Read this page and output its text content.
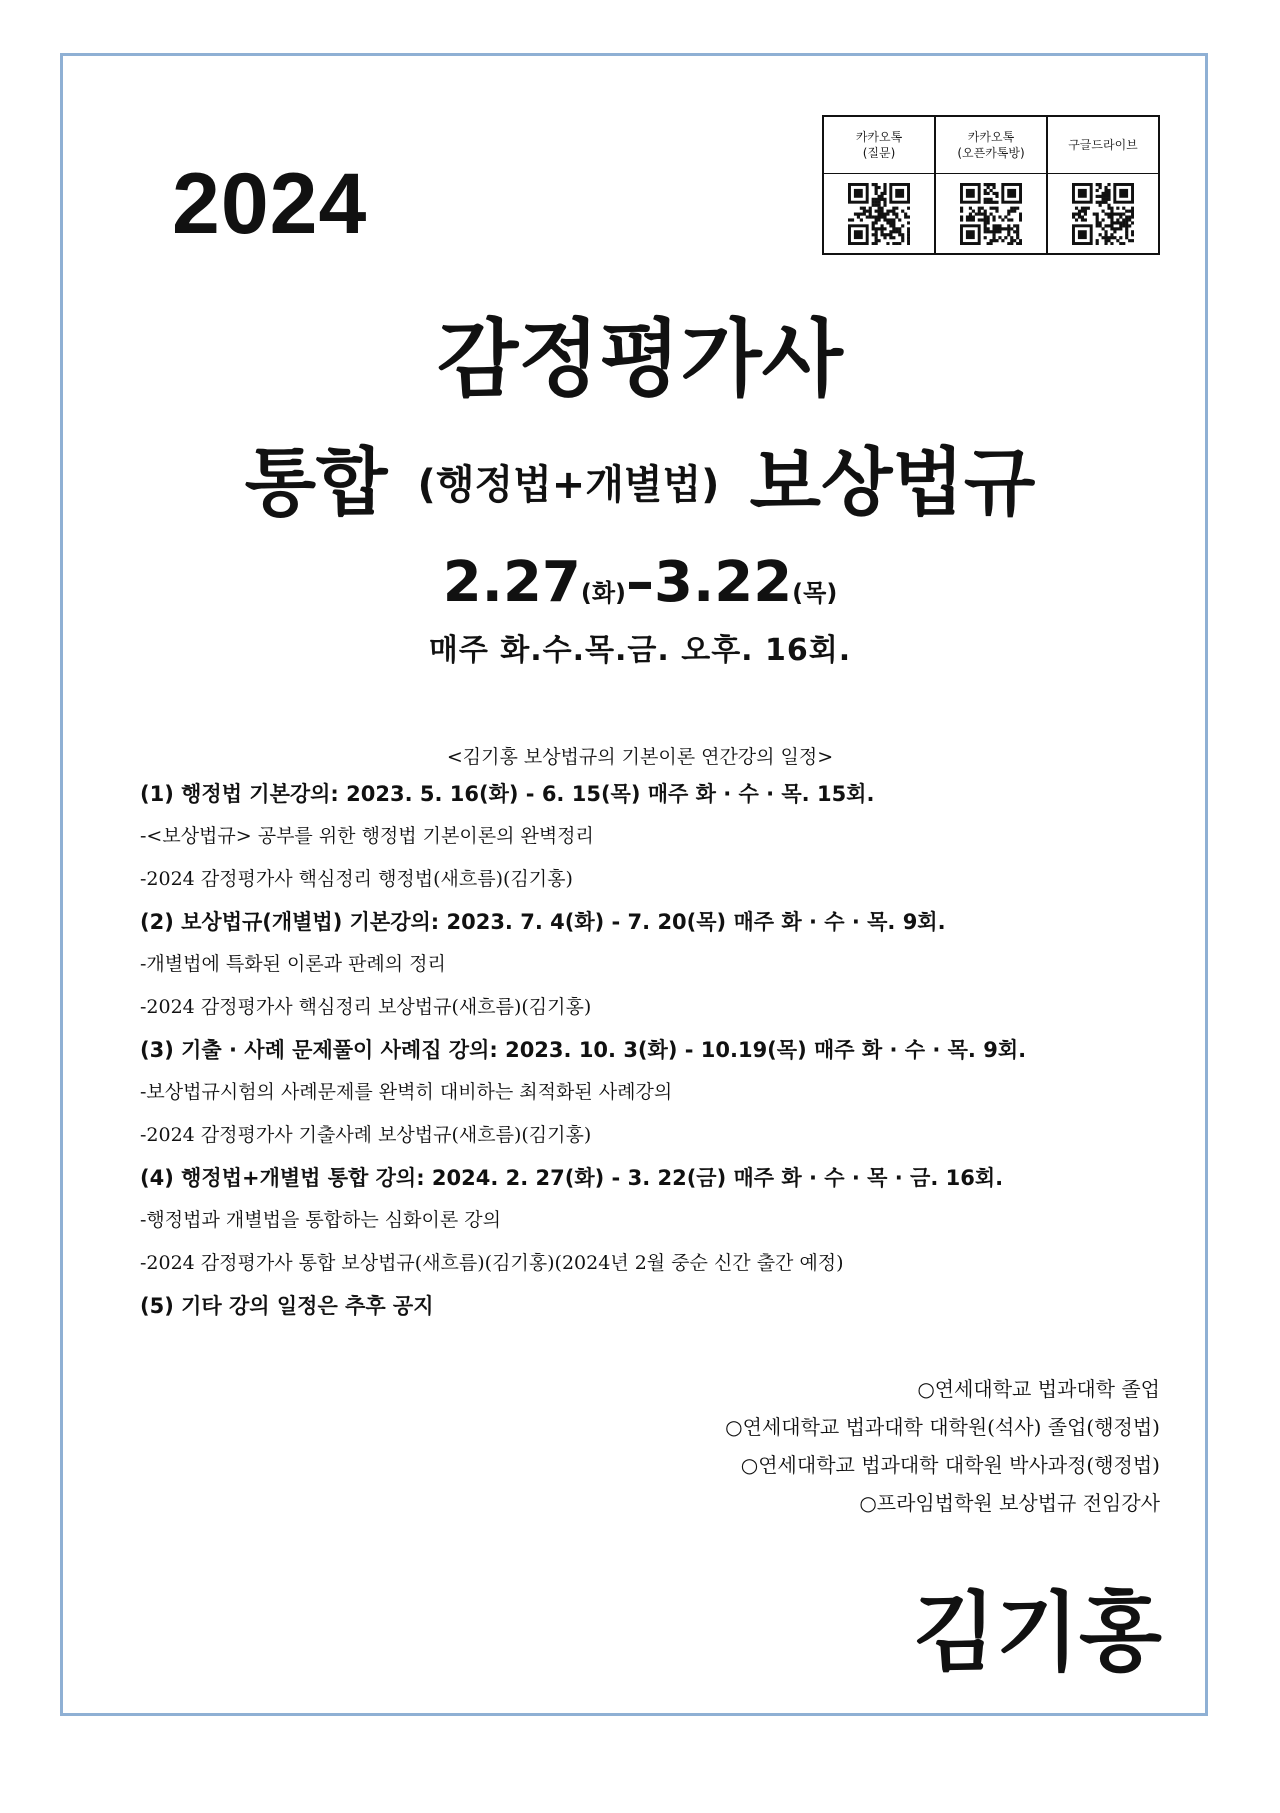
2024
카카오톡
(질문)
카카오톡
(오픈카톡방)
구글드라이브
감정평가사
통합 (행정법+개별법) 보상법규
2.27(화)–3.22(목)
매주 화.수.목.금. 오후. 16회.
<김기홍 보상법규의 기본이론 연간강의 일정>
(1) 행정법 기본강의: 2023. 5. 16(화) - 6. 15(목) 매주 화 · 수 · 목. 15회.
-<보상법규> 공부를 위한 행정법 기본이론의 완벽정리
-2024 감정평가사 핵심정리 행정법(새흐름)(김기홍)
(2) 보상법규(개별법) 기본강의: 2023. 7. 4(화) - 7. 20(목) 매주 화 · 수 · 목. 9회.
-개별법에 특화된 이론과 판례의 정리
-2024 감정평가사 핵심정리 보상법규(새흐름)(김기홍)
(3) 기출 · 사례 문제풀이 사례집 강의: 2023. 10. 3(화) - 10.19(목) 매주 화 · 수 · 목. 9회.
-보상법규시험의 사례문제를 완벽히 대비하는 최적화된 사례강의
-2024 감정평가사 기출사례 보상법규(새흐름)(김기홍)
(4) 행정법+개별법 통합 강의: 2024. 2. 27(화) - 3. 22(금) 매주 화 · 수 · 목 · 금. 16회.
-행정법과 개별법을 통합하는 심화이론 강의
-2024 감정평가사 통합 보상법규(새흐름)(김기홍)(2024년 2월 중순 신간 출간 예정)
(5) 기타 강의 일정은 추후 공지
○연세대학교 법과대학 졸업
○연세대학교 법과대학 대학원(석사) 졸업(행정법)
○연세대학교 법과대학 대학원 박사과정(행정법)
○프라임법학원 보상법규 전임강사
김기홍
